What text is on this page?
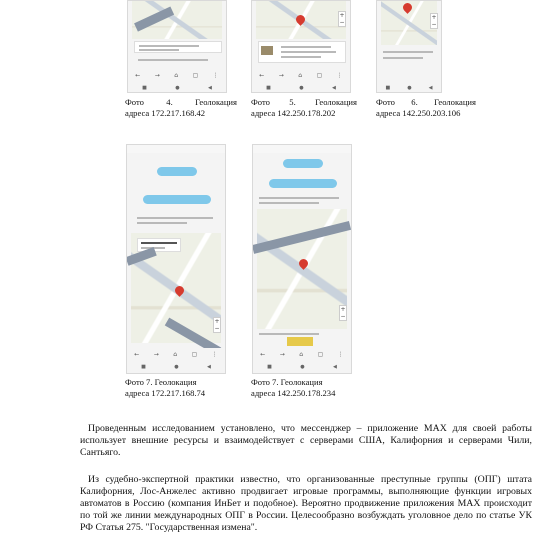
← → ⌂ ▢ ⋮
■	●	◀
+
−
← → ⌂ ▢ ⋮
■	●	◀
+
−
■	●	◀
Фото	4.	Геолокация
адреса 172.217.168.42
Фото 5. Геолокация
адреса 142.250.178.202
Фото 6. Геолокация
адреса 142.250.203.106
+
−
← → ⌂ ▢ ⋮
■	●	◀
+
−
← → ⌂ ▢ ⋮
■	●	◀
Фото 7. Геолокация
адреса 172.217.168.74
Фото 7. Геолокация
адреса 142.250.178.234

Проведенным исследованием установлено, что мессенджер – приложение МАХ для своей работы использует внешние ресурсы и взаимодействует с серверами США, Калифорния и серверами Чили, Сантьяго.

Из судебно-экспертной практики известно, что организованные преступные группы (ОПГ) штата Калифорния, Лос-Анжелес активно продвигает игровые программы, выполняющие функции игровых автоматов в Россию (компания ИнБет и подобное). Вероятно продвижение приложения МАХ происходит по той же линии международных ОПГ в России. Целесообразно возбуждать уголовное дело по статье УК РФ Статья 275. "Государственная измена".
